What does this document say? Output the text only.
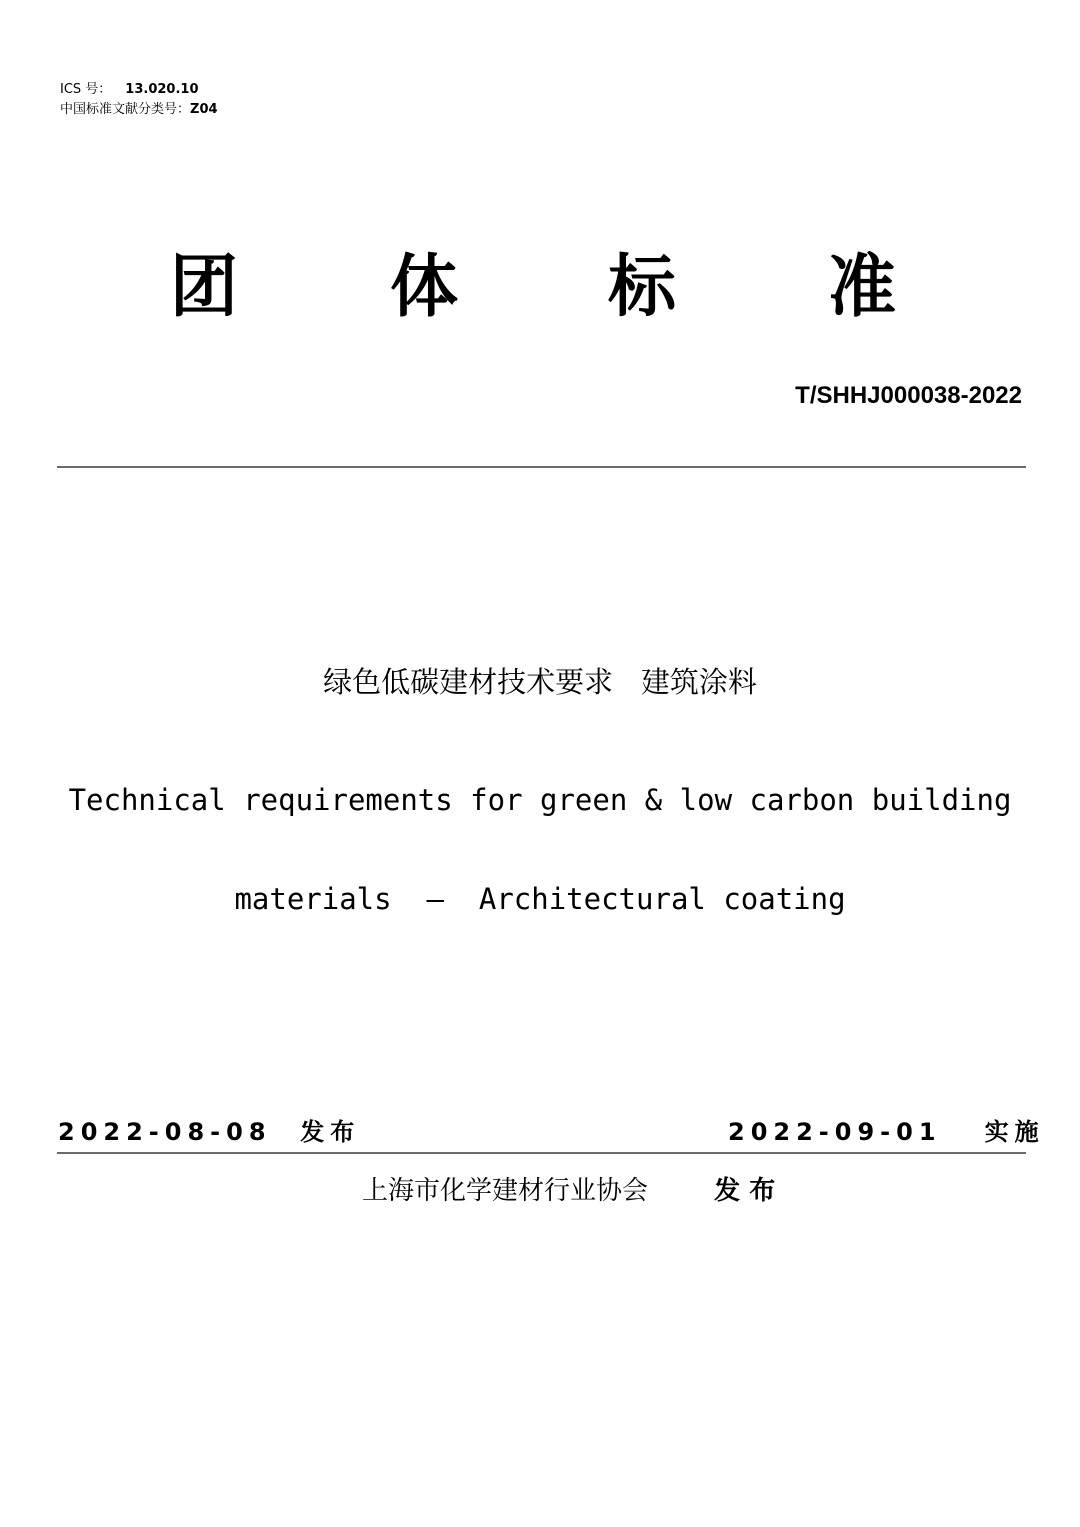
ICS 号： 13.020.10
中国标准文献分类号：Z04
团 体 标 准
T/SHHJ000038-2022
绿色低碳建材技术要求   建筑涂料

Technical requirements for green & low carbon building

materials  –  Architectural coating

2022-08-08 发布	2022-09-01 实施
上海市化学建材行业协会	发 布
